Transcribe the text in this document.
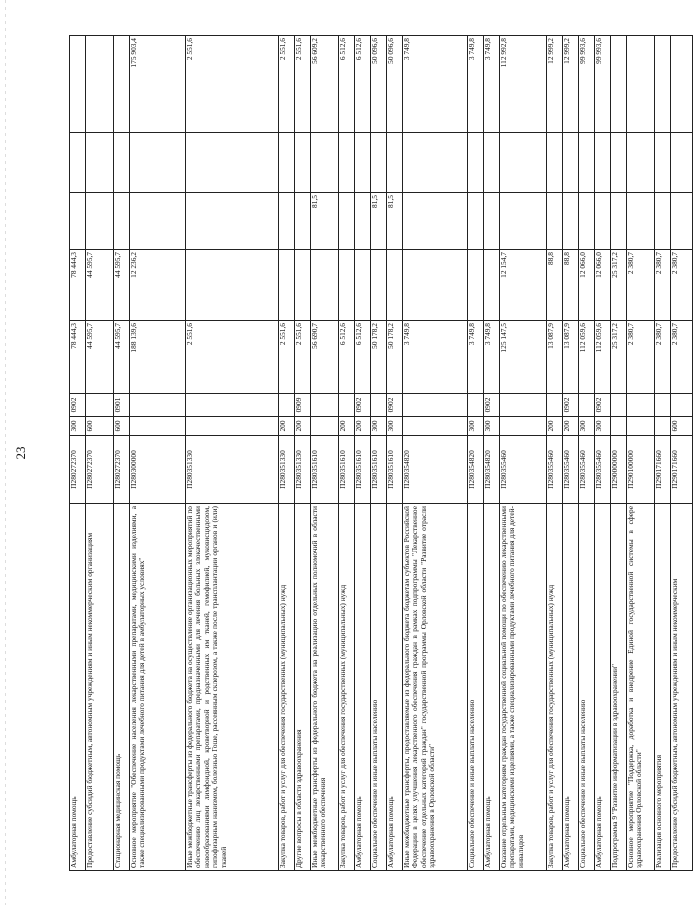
23
Амбулаторная помощь	П280272370	300	0902	78 444,3	78 444,3			
Предоставление субсидий бюджетным, автономным учреждениям и иным некоммерческим организациям	П280272370	600		44 595,7	44 595,7			
Стационарная медицинская помощь	П280272370	600	0901	44 595,7	44 595,7			
Основное мероприятие "Обеспечение населения лекарственными препаратами, медицинскими изделиями, а также специализированными продуктами лечебного питания для детей в амбулаторных условиях"	П280300000			188 139,6	12 236,2			175 903,4
Иные межбюджетные трансферты из федерального бюджета на осуществление организационных мероприятий по обеспечению лиц лекарственными препаратами, предназначенными для лечения больных злокачественными новообразованиями лимфоидной, кроветворной и родственных им тканей, гемофилией, муковисцидозом, гипофизарным нанизмом, болезнью Гоше, рассеянным склерозом, а также после трансплантации органов и (или) тканей	П280351330			2 551,6				2 551,6
Закупка товаров, работ и услуг для обеспечения государственных (муниципальных) нужд	П280351330	200		2 551,6				2 551,6
Другие вопросы в области здравоохранения	П280351330	200	0909	2 551,6				2 551,6
Иные межбюджетные трансферты из федерального бюджета на реализацию отдельных полномочий в области лекарственного обеспечения	П280351610			56 690,7		81,5		56 609,2
Закупка товаров, работ и услуг для обеспечения государственных (муниципальных) нужд	П280351610	200		6 512,6				6 512,6
Амбулаторная помощь	П280351610	200	0902	6 512,6				6 512,6
Социальное обеспечение и иные выплаты населению	П280351610	300		50 178,2		81,5		50 096,6
Амбулаторная помощь	П280351610	300	0902	50 178,2		81,5		50 096,6
Иные межбюджетные трансферты, предоставляемые из федерального бюджета бюджетам субъектов Российской Федерации в целях улучшения лекарственного обеспечения граждан в рамках подпрограммы "Лекарственное обеспечение отдельных категорий граждан" государственной программы Орловской области "Развитие отрасли здравоохранения в Орловской области"	П280354820			3 749,8				3 749,8
Социальное обеспечение и иные выплаты населению	П280354820	300		3 749,8				3 749,8
Амбулаторная помощь	П280354820	300	0902	3 749,8				3 749,8
Оказание отдельным категориям граждан государственной социальной помощи по обеспечению лекарственными препаратами, медицинскими изделиями, а также специализированными продуктами лечебного питания для детей-инвалидов	П280355460			125 147,5	12 154,7			112 992,8
Закупка товаров, работ и услуг для обеспечения государственных (муниципальных) нужд	П280355460	200		13 087,9	88,8			12 999,2
Амбулаторная помощь	П280355460	200	0902	13 087,9	88,8			12 999,2
Социальное обеспечение и иные выплаты населению	П280355460	300		112 059,6	12 066,0			99 993,6
Амбулаторная помощь	П280355460	300	0902	112 059,6	12 066,0			99 993,6
Подпрограмма 9 "Развитие информатизации в здравоохранении"	П290000000			25 317,2	25 317,2			
Основное мероприятие "Поддержка, доработка и внедрение Единой государственной системы в сфере здравоохранения Орловской области"	П290100000			2 380,7	2 380,7			
Реализация основного мероприятия	П290171660			2 380,7	2 380,7			
Предоставление субсидий бюджетным, автономным учреждениям и иным некоммерческим	П290171660	600		2 380,7	2 380,7			
